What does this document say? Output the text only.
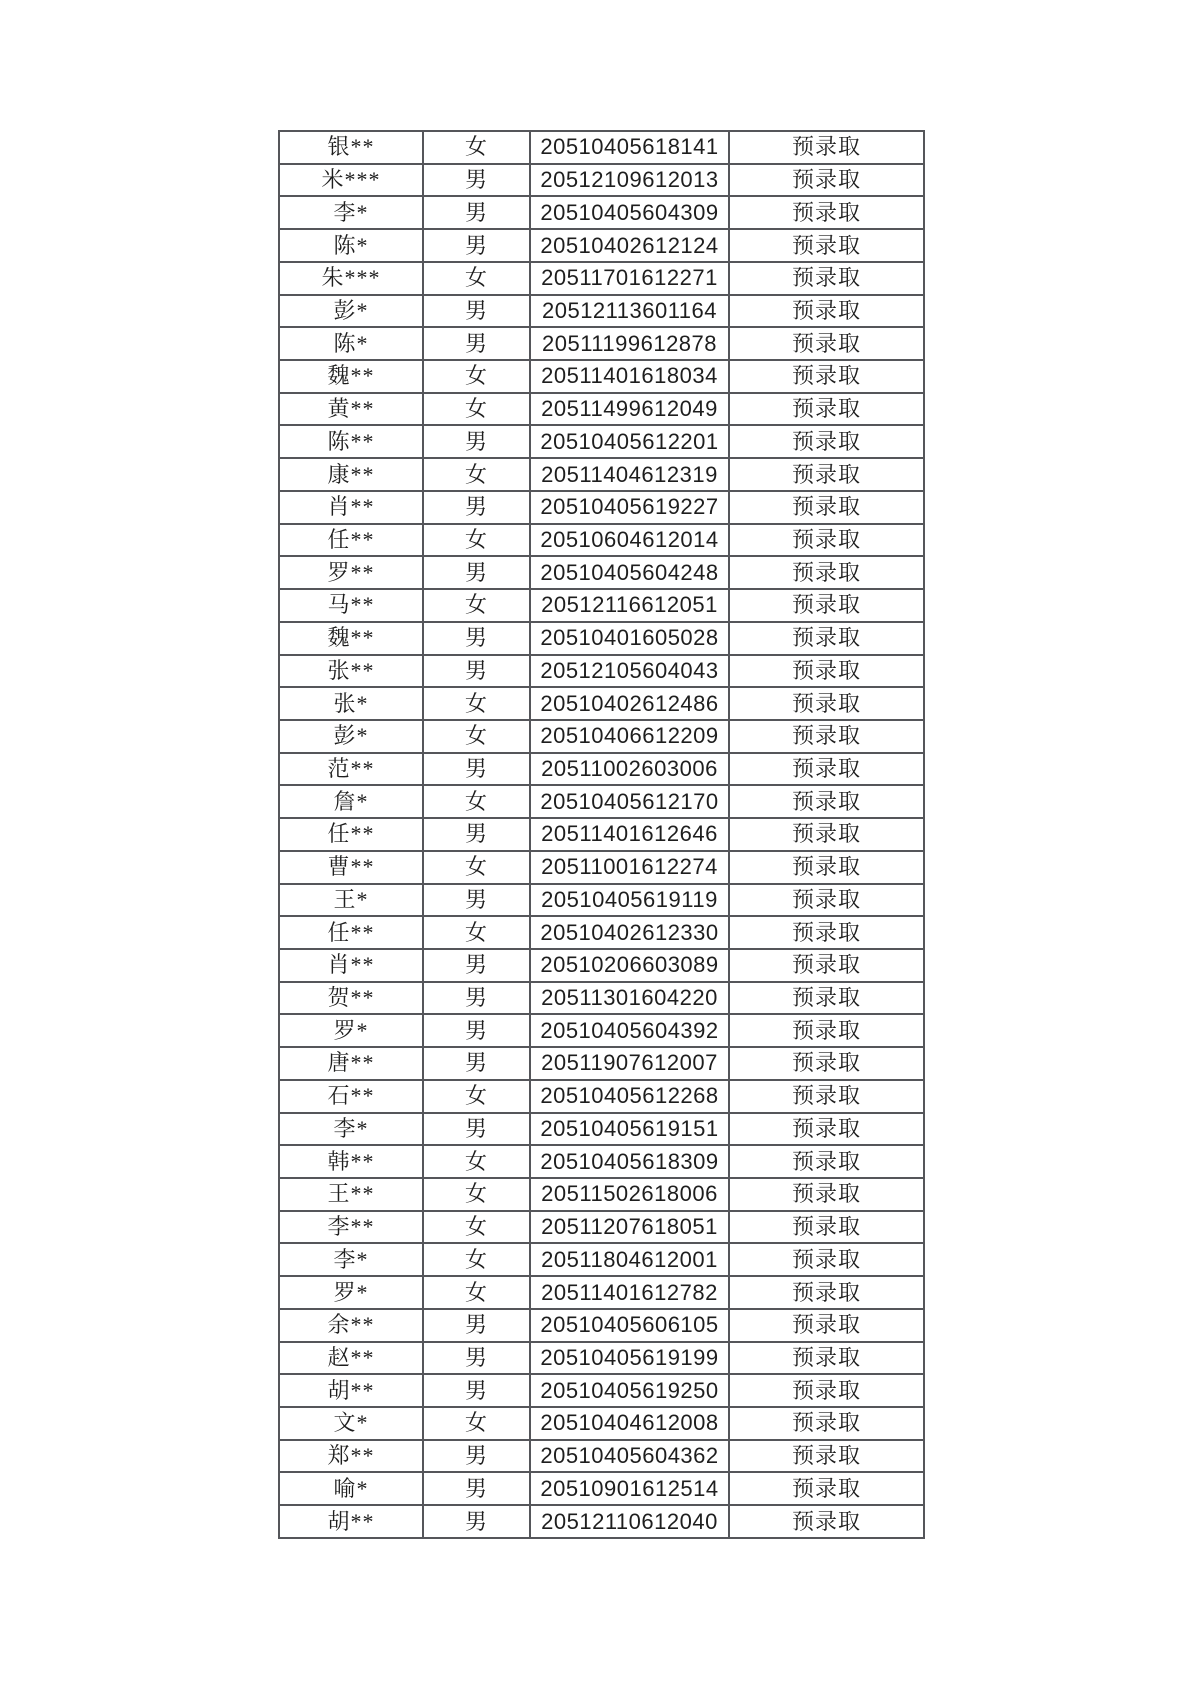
银**	女	20510405618141	预录取
米***	男	20512109612013	预录取
李*	男	20510405604309	预录取
陈*	男	20510402612124	预录取
朱***	女	20511701612271	预录取
彭*	男	20512113601164	预录取
陈*	男	20511199612878	预录取
魏**	女	20511401618034	预录取
黄**	女	20511499612049	预录取
陈**	男	20510405612201	预录取
康**	女	20511404612319	预录取
肖**	男	20510405619227	预录取
任**	女	20510604612014	预录取
罗**	男	20510405604248	预录取
马**	女	20512116612051	预录取
魏**	男	20510401605028	预录取
张**	男	20512105604043	预录取
张*	女	20510402612486	预录取
彭*	女	20510406612209	预录取
范**	男	20511002603006	预录取
詹*	女	20510405612170	预录取
任**	男	20511401612646	预录取
曹**	女	20511001612274	预录取
王*	男	20510405619119	预录取
任**	女	20510402612330	预录取
肖**	男	20510206603089	预录取
贺**	男	20511301604220	预录取
罗*	男	20510405604392	预录取
唐**	男	20511907612007	预录取
石**	女	20510405612268	预录取
李*	男	20510405619151	预录取
韩**	女	20510405618309	预录取
王**	女	20511502618006	预录取
李**	女	20511207618051	预录取
李*	女	20511804612001	预录取
罗*	女	20511401612782	预录取
余**	男	20510405606105	预录取
赵**	男	20510405619199	预录取
胡**	男	20510405619250	预录取
文*	女	20510404612008	预录取
郑**	男	20510405604362	预录取
喻*	男	20510901612514	预录取
胡**	男	20512110612040	预录取
